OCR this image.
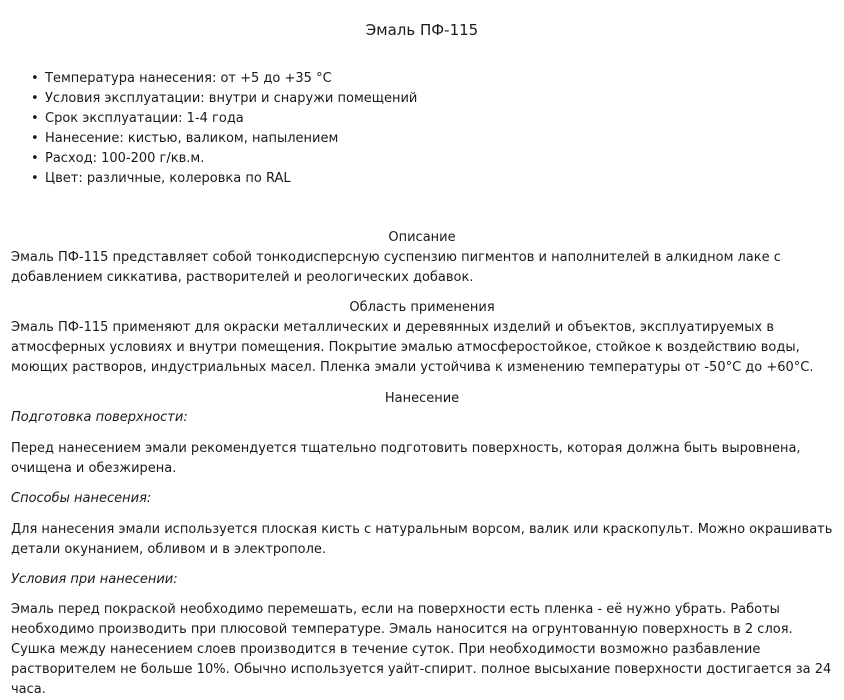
Эмаль ПФ-115
• Температура нанесения: от +5 до +35 °C
• Условия эксплуатации: внутри и снаружи помещений
• Срок эксплуатации: 1-4 года
• Нанесение: кистью, валиком, напылением
• Расход: 100-200 г/кв.м.
• Цвет: различные, колеровка по RAL
Описание
Эмаль ПФ-115 представляет собой тонкодисперсную суспензию пигментов и наполнителей в алкидном лаке с добавлением сиккатива, растворителей и реологических добавок.
Область применения
Эмаль ПФ-115 применяют для окраски металлических и деревянных изделий и объектов, эксплуатируемых в атмосферных условиях и внутри помещения. Покрытие эмалью атмосферостойкое, стойкое к воздействию воды, моющих растворов, индустриальных масел. Пленка эмали устойчива к изменению температуры от -50°C до +60°C.
Нанесение
Подготовка поверхности:
Перед нанесением эмали рекомендуется тщательно подготовить поверхность, которая должна быть выровнена, очищена и обезжирена.
Способы нанесения:
Для нанесения эмали используется плоская кисть с натуральным ворсом, валик или краскопульт. Можно окрашивать детали окунанием, обливом и в электрополе.
Условия при нанесении:
Эмаль перед покраской необходимо перемешать, если на поверхности есть пленка - её нужно убрать. Работы необходимо производить при плюсовой температуре. Эмаль наносится на огрунтованную поверхность в 2 слоя. Сушка между нанесением слоев производится в течение суток. При необходимости возможно разбавление растворителем не больше 10%. Обычно используется уайт-спирит. полное высыхание поверхности достигается за 24 часа.
